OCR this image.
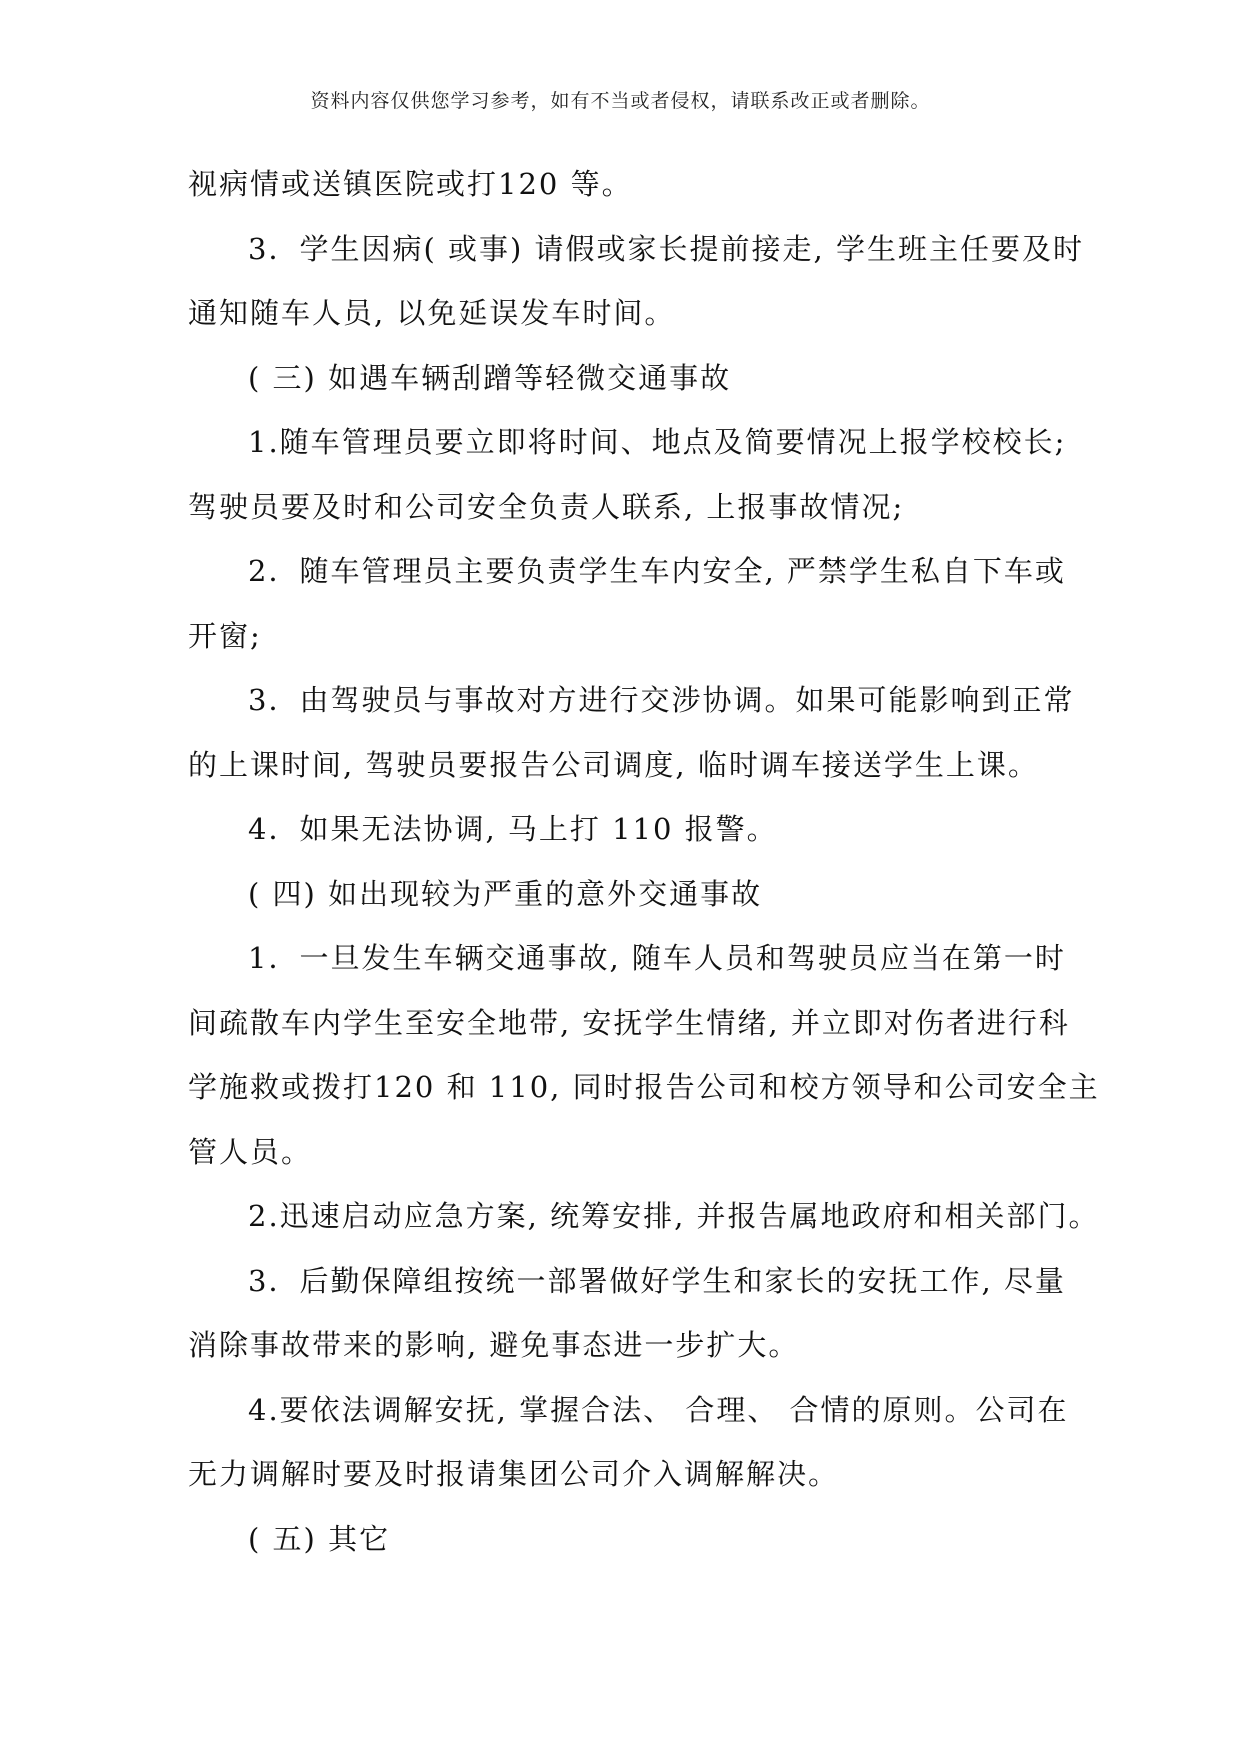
资料内容仅供您学习参考，如有不当或者侵权，请联系改正或者删除。
视病情或送镇医院或打120 等。
3．学生因病( 或事) 请假或家长提前接走, 学生班主任要及时
通知随车人员, 以免延误发车时间。
( 三) 如遇车辆刮蹭等轻微交通事故
1.随车管理员要立即将时间、地点及简要情况上报学校校长;
驾驶员要及时和公司安全负责人联系, 上报事故情况;
2．随车管理员主要负责学生车内安全, 严禁学生私自下车或
开窗;
3．由驾驶员与事故对方进行交涉协调。如果可能影响到正常
的上课时间, 驾驶员要报告公司调度, 临时调车接送学生上课。
4．如果无法协调, 马上打 110 报警。
( 四) 如出现较为严重的意外交通事故
1．一旦发生车辆交通事故, 随车人员和驾驶员应当在第一时
间疏散车内学生至安全地带, 安抚学生情绪, 并立即对伤者进行科
学施救或拨打120 和 110, 同时报告公司和校方领导和公司安全主
管人员。
2.迅速启动应急方案, 统筹安排, 并报告属地政府和相关部门。
3．后勤保障组按统一部署做好学生和家长的安抚工作, 尽量
消除事故带来的影响, 避免事态进一步扩大。
4.要依法调解安抚, 掌握合法、 合理、 合情的原则。公司在
无力调解时要及时报请集团公司介入调解解决。
( 五) 其它
